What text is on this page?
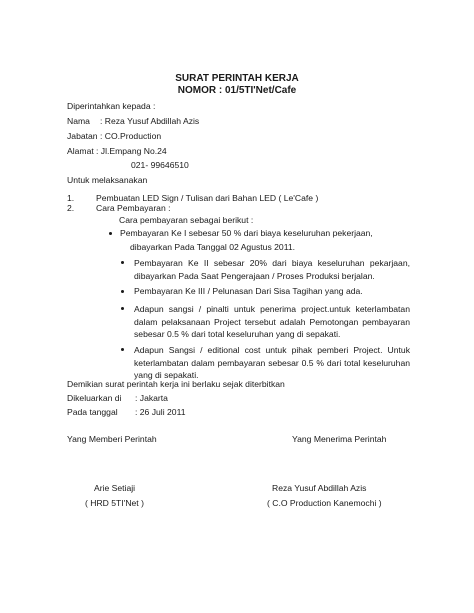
SURAT PERINTAH KERJA
NOMOR : 01/5TI'Net/Cafe
Diperintahkan kepada :
Nama : Reza Yusuf Abdillah Azis
Jabatan : CO.Production
Alamat : Jl.Empang No.24
021- 99646510
Untuk melaksanakan
1.	Pembuatan LED Sign / Tulisan dari Bahan LED ( Le'Cafe )
2.	Cara Pembayaran :
Cara pembayaran sebagai berikut :
Pembayaran Ke I sebesar 50 % dari biaya keseluruhan pekerjaan,
dibayarkan Pada Tanggal 02 Agustus 2011.
Pembayaran Ke II sebesar 20% dari biaya keseluruhan pekarjaan, dibayarkan Pada Saat Pengerajaan / Proses Produksi berjalan.
Pembayaran Ke III / Pelunasan Dari Sisa Tagihan yang ada.
Adapun sangsi / pinalti untuk penerima project.untuk keterlambatan dalam pelaksanaan Project tersebut adalah Pemotongan pembayaran sebesar 0.5 % dari total keseluruhan yang di sepakati.
Adapun Sangsi / editional cost untuk pihak pemberi Project. Untuk keterlambatan dalam pembayaran sebesar 0.5 % dari total keseluruhan yang di sepakati.
Demikian surat perintah kerja ini berlaku sejak diterbitkan
Dikeluarkan di : Jakarta
Pada tanggal : 26 Juli 2011
Yang Memberi Perintah	Yang Menerima Perintah
Arie Setiaji	Reza Yusuf Abdillah Azis
( HRD 5TI'Net )	( C.O Production Kanemochi )
